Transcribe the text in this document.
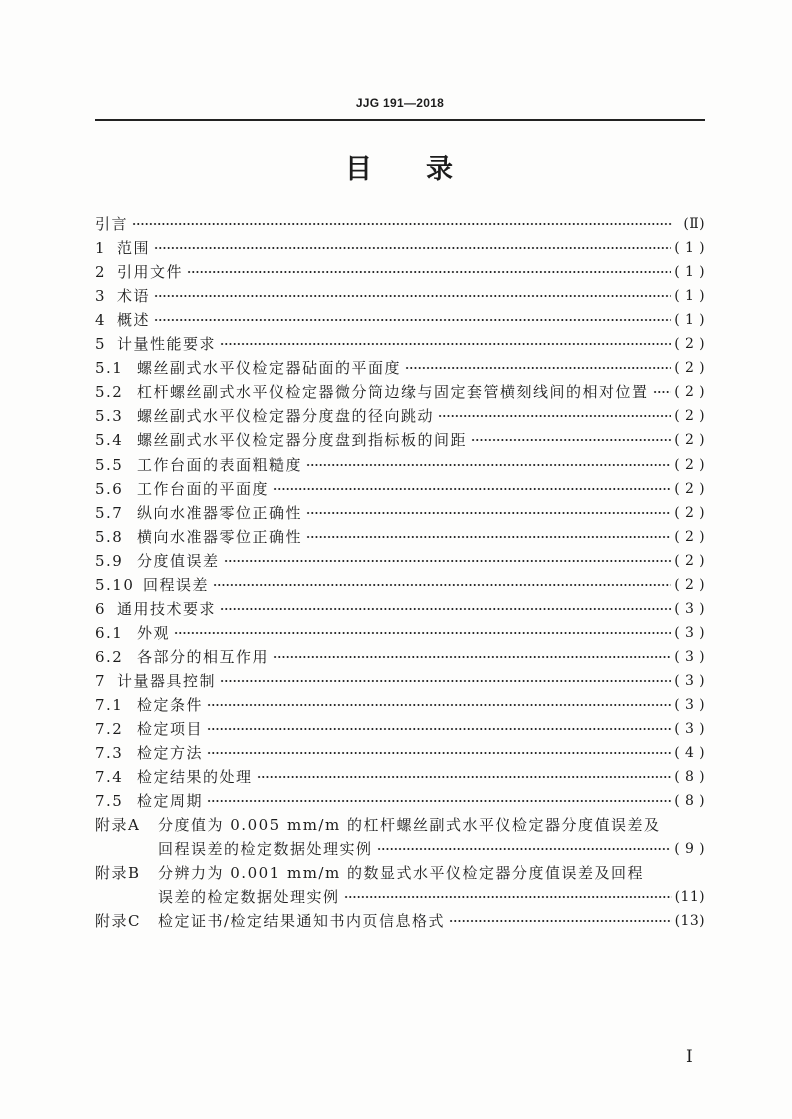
JJG 191—2018
目　　录
引言	(Ⅱ)
1 范围	( 1 )
2 引用文件	( 1 )
3 术语	( 1 )
4 概述	( 1 )
5 计量性能要求	( 2 )
5.1 螺丝副式水平仪检定器砧面的平面度	( 2 )
5.2 杠杆螺丝副式水平仪检定器微分筒边缘与固定套管横刻线间的相对位置 ( 2 )
5.3 螺丝副式水平仪检定器分度盘的径向跳动	( 2 )
5.4 螺丝副式水平仪检定器分度盘到指标板的间距	( 2 )
5.5 工作台面的表面粗糙度	( 2 )
5.6 工作台面的平面度	( 2 )
5.7 纵向水准器零位正确性	( 2 )
5.8 横向水准器零位正确性	( 2 )
5.9 分度值误差	( 2 )
5.10 回程误差	( 2 )
6 通用技术要求	( 3 )
6.1 外观	( 3 )
6.2 各部分的相互作用	( 3 )
7 计量器具控制	( 3 )
7.1 检定条件	( 3 )
7.2 检定项目	( 3 )
7.3 检定方法	( 4 )
7.4 检定结果的处理	( 8 )
7.5 检定周期	( 8 )
附录A	分度值为 0.005 mm/m 的杠杆螺丝副式水平仪检定器分度值误差及
回程误差的检定数据处理实例	( 9 )
附录B	分辨力为 0.001 mm/m 的数显式水平仪检定器分度值误差及回程
误差的检定数据处理实例	(11)
附录C	检定证书/检定结果通知书内页信息格式	(13)
I
